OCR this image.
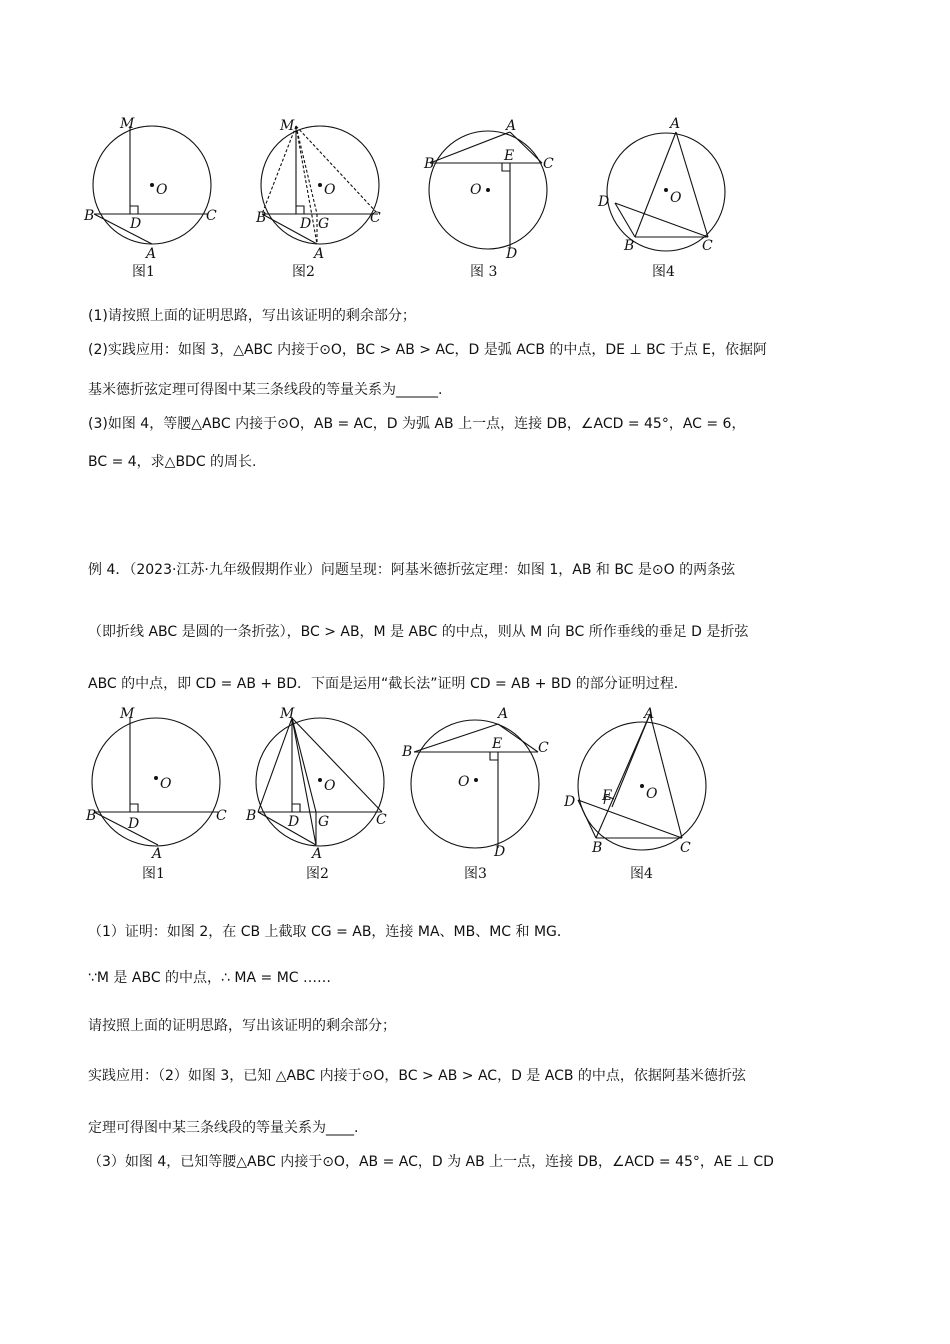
M
O
B	D	C
A
M
O
B D G	C
A
A
B	E C
O
D
A
O
D
B	C
图1	图2	图 3	图4
(1)请按照上面的证明思路，写出该证明的剩余部分；
(2)实践应用：如图 3，△ABC 内接于⊙O，BC > AB > AC，D 是弧 ACB 的中点，DE ⊥ BC 于点 E，依据阿
基米德折弦定理可得图中某三条线段的等量关系为______.
(3)如图 4，等腰△ABC 内接于⊙O，AB = AC，D 为弧 AB 上一点，连接 DB，∠ACD = 45°，AC = 6，
BC = 4，求△BDC 的周长.
例 4．（2023·江苏·九年级假期作业）问题呈现：阿基米德折弦定理：如图 1，AB 和 BC 是⊙O 的两条弦
（即折线 ABC 是圆的一条折弦），BC > AB，M 是 ABC 的中点，则从 M 向 BC 所作垂线的垂足 D 是折弦
ABC 的中点，即 CD = AB + BD．下面是运用“截长法”证明 CD = AB + BD 的部分证明过程．
M
O
B D	C
A
M
O
B D G	C
A
A
B	E	C
O
D
A
O
D E
B	C
图1	图2	图3	图4
（1）证明：如图 2，在 CB 上截取 CG = AB，连接 MA、MB、MC 和 MG．
∵M 是 ABC 的中点，∴ MA = MC ……
请按照上面的证明思路，写出该证明的剩余部分；
实践应用：（2）如图 3，已知 △ABC 内接于⊙O，BC > AB > AC，D 是 ACB 的中点，依据阿基米德折弦
定理可得图中某三条线段的等量关系为____.
（3）如图 4，已知等腰△ABC 内接于⊙O，AB = AC，D 为 AB 上一点，连接 DB，∠ACD = 45°，AE ⊥ CD
